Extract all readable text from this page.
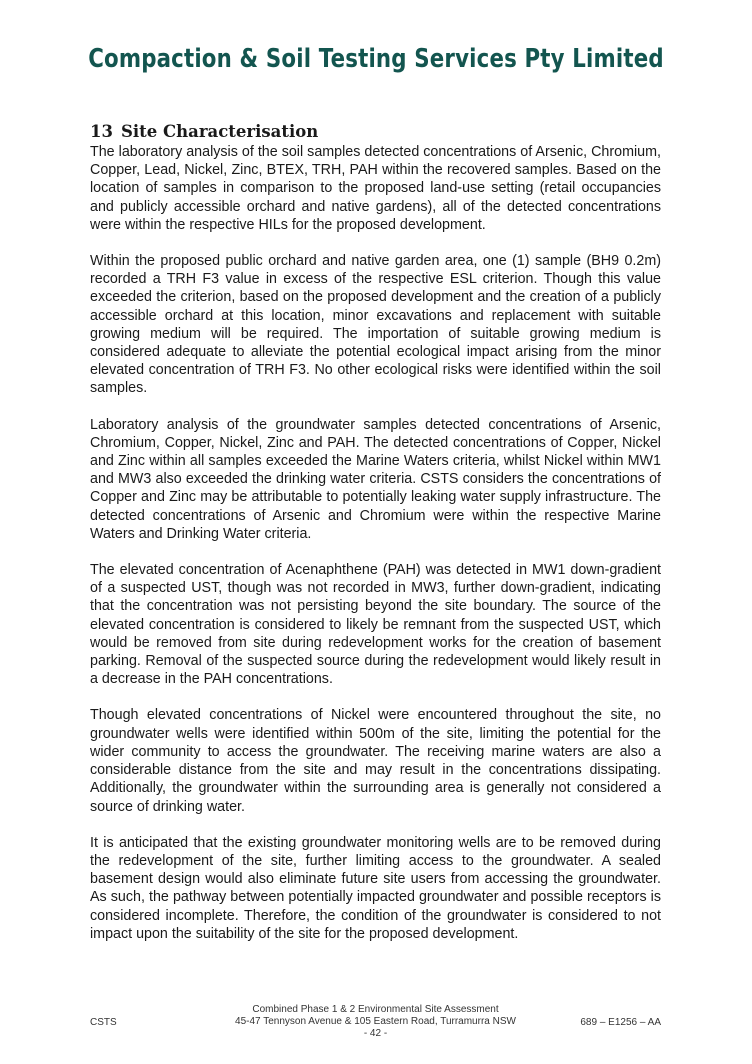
Compaction & Soil Testing Services Pty Limited
13 Site Characterisation

The laboratory analysis of the soil samples detected concentrations of Arsenic, Chromium, Copper, Lead, Nickel, Zinc, BTEX, TRH, PAH within the recovered samples. Based on the location of samples in comparison to the proposed land-use setting (retail occupancies and publicly accessible orchard and native gardens), all of the detected concentrations were within the respective HILs for the proposed development.

Within the proposed public orchard and native garden area, one (1) sample (BH9 0.2m) recorded a TRH F3 value in excess of the respective ESL criterion. Though this value exceeded the criterion, based on the proposed development and the creation of a publicly accessible orchard at this location, minor excavations and replacement with suitable growing medium will be required. The importation of suitable growing medium is considered adequate to alleviate the potential ecological impact arising from the minor elevated concentration of TRH F3. No other ecological risks were identified within the soil samples.

Laboratory analysis of the groundwater samples detected concentrations of Arsenic, Chromium, Copper, Nickel, Zinc and PAH. The detected concentrations of Copper, Nickel and Zinc within all samples exceeded the Marine Waters criteria, whilst Nickel within MW1 and MW3 also exceeded the drinking water criteria. CSTS considers the concentrations of Copper and Zinc may be attributable to potentially leaking water supply infrastructure. The detected concentrations of Arsenic and Chromium were within the respective Marine Waters and Drinking Water criteria.

The elevated concentration of Acenaphthene (PAH) was detected in MW1 down-gradient of a suspected UST, though was not recorded in MW3, further down-gradient, indicating that the concentration was not persisting beyond the site boundary. The source of the elevated concentration is considered to likely be remnant from the suspected UST, which would be removed from site during redevelopment works for the creation of basement parking. Removal of the suspected source during the redevelopment would likely result in a decrease in the PAH concentrations.

Though elevated concentrations of Nickel were encountered throughout the site, no groundwater wells were identified within 500m of the site, limiting the potential for the wider community to access the groundwater. The receiving marine waters are also a considerable distance from the site and may result in the concentrations dissipating. Additionally, the groundwater within the surrounding area is generally not considered a source of drinking water.

It is anticipated that the existing groundwater monitoring wells are to be removed during the redevelopment of the site, further limiting access to the groundwater. A sealed basement design would also eliminate future site users from accessing the groundwater. As such, the pathway between potentially impacted groundwater and possible receptors is considered incomplete. Therefore, the condition of the groundwater is considered to not impact upon the suitability of the site for the proposed development.

Combined Phase 1 & 2 Environmental Site Assessment
45-47 Tennyson Avenue & 105 Eastern Road, Turramurra NSW
- 42 -
CSTS	689 – E1256 – AA
